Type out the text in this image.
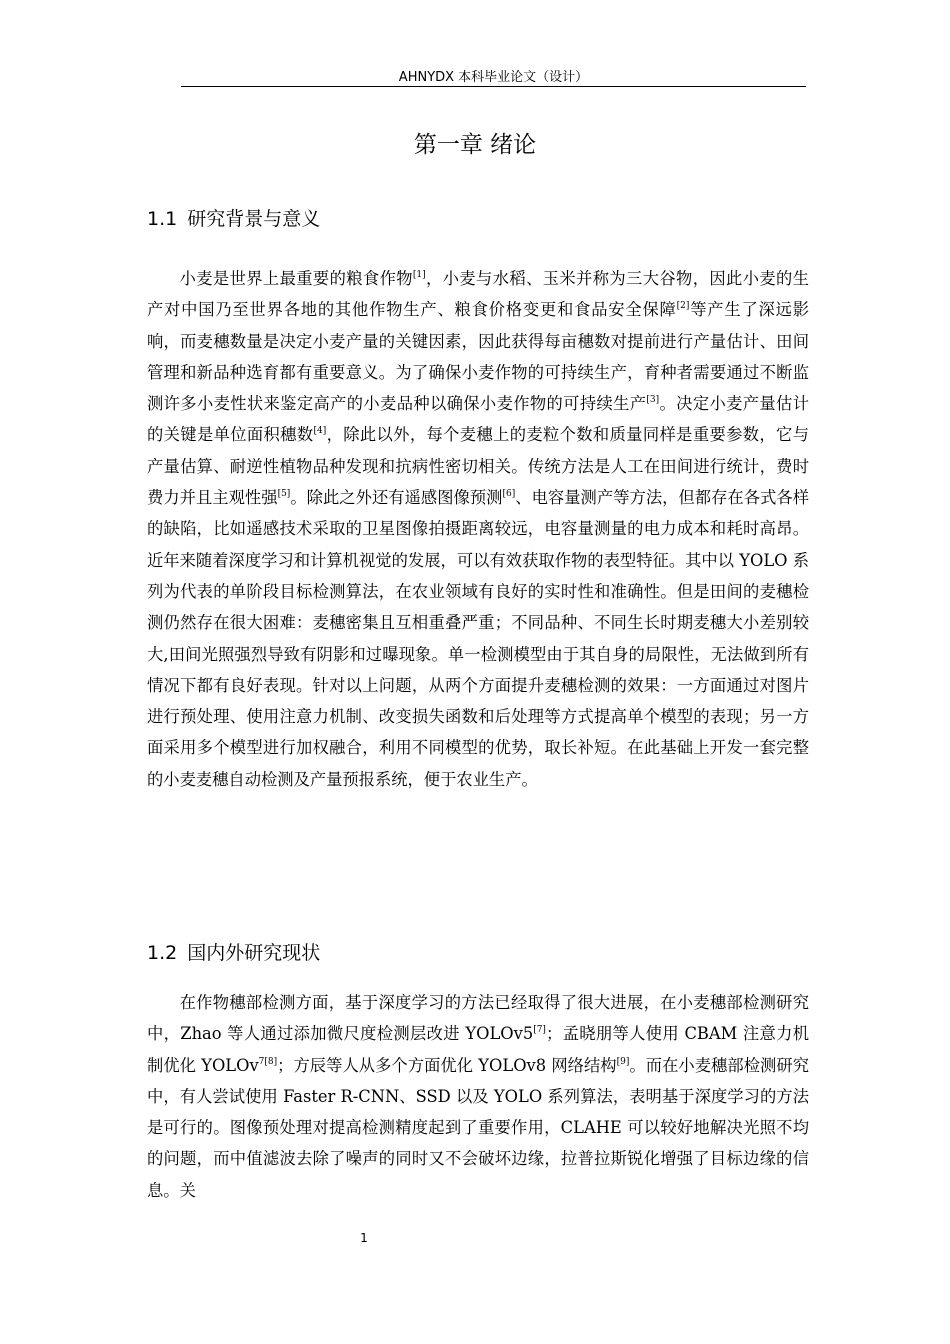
AHNYDX 本科毕业论文（设计）
第一章 绪论
1.1 研究背景与意义

小麦是世界上最重要的粮食作物[1]，小麦与水稻、玉米并称为三大谷物，因此小麦的生产对中国乃至世界各地的其他作物生产、粮食价格变更和食品安全保障[2]等产生了深远影响，而麦穗数量是决定小麦产量的关键因素，因此获得每亩穗数对提前进行产量估计、田间管理和新品种选育都有重要意义。为了确保小麦作物的可持续生产，育种者需要通过不断监测许多小麦性状来鉴定高产的小麦品种以确保小麦作物的可持续生产[3]。决定小麦产量估计的关键是单位面积穗数[4]，除此以外，每个麦穗上的麦粒个数和质量同样是重要参数，它与产量估算、耐逆性植物品种发现和抗病性密切相关。传统方法是人工在田间进行统计，费时费力并且主观性强[5]。除此之外还有遥感图像预测[6]、电容量测产等方法，但都存在各式各样的缺陷，比如遥感技术采取的卫星图像拍摄距离较远，电容量测量的电力成本和耗时高昂。近年来随着深度学习和计算机视觉的发展，可以有效获取作物的表型特征。其中以 YOLO 系列为代表的单阶段目标检测算法，在农业领域有良好的实时性和准确性。但是田间的麦穗检测仍然存在很大困难：麦穗密集且互相重叠严重；不同品种、不同生长时期麦穗大小差别较大,田间光照强烈导致有阴影和过曝现象。单一检测模型由于其自身的局限性，无法做到所有情况下都有良好表现。针对以上问题，从两个方面提升麦穗检测的效果：一方面通过对图片进行预处理、使用注意力机制、改变损失函数和后处理等方式提高单个模型的表现；另一方面采用多个模型进行加权融合，利用不同模型的优势，取长补短。在此基础上开发一套完整的小麦麦穗自动检测及产量预报系统，便于农业生产。

1.2 国内外研究现状

在作物穗部检测方面，基于深度学习的方法已经取得了很大进展，在小麦穗部检测研究中，Zhao 等人通过添加微尺度检测层改进 YOLOv5[7]；孟晓朋等人使用 CBAM 注意力机制优化 YOLOv$^{7[8]}$；方辰等人从多个方面优化 YOLOv8 网络结构[9]。而在小麦穗部检测研究中，有人尝试使用 Faster R-CNN、SSD 以及 YOLO 系列算法，表明基于深度学习的方法是可行的。图像预处理对提高检测精度起到了重要作用，CLAHE 可以较好地解决光照不均的问题，而中值滤波去除了噪声的同时又不会破坏边缘，拉普拉斯锐化增强了目标边缘的信息。关

1
